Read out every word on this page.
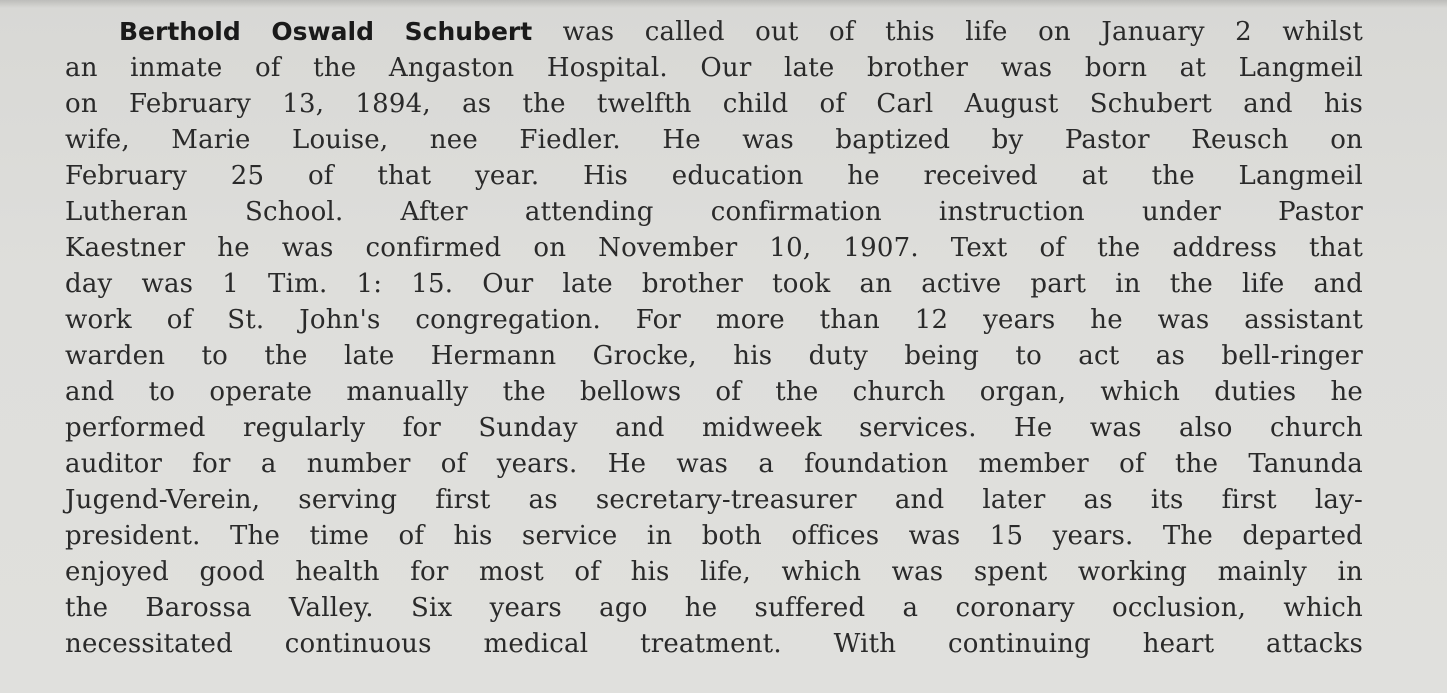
Berthold Oswald Schubert was called out of this life on January 2 whilst
an inmate of the Angaston Hospital. Our late brother was born at Langmeil
on February 13, 1894, as the twelfth child of Carl August Schubert and his
wife, Marie Louise, nee Fiedler. He was baptized by Pastor Reusch on
February 25 of that year. His education he received at the Langmeil
Lutheran School. After attending confirmation instruction under Pastor
Kaestner he was confirmed on November 10, 1907. Text of the address that
day was 1 Tim. 1: 15. Our late brother took an active part in the life and
work of St. John's congregation. For more than 12 years he was assistant
warden to the late Hermann Grocke, his duty being to act as bell-ringer
and to operate manually the bellows of the church organ, which duties he
performed regularly for Sunday and midweek services. He was also church
auditor for a number of years. He was a foundation member of the Tanunda
Jugend-Verein, serving first as secretary-treasurer and later as its first lay-
president. The time of his service in both offices was 15 years. The departed
enjoyed good health for most of his life, which was spent working mainly in
the Barossa Valley. Six years ago he suffered a coronary occlusion, which
necessitated continuous medical treatment. With continuing heart attacks
